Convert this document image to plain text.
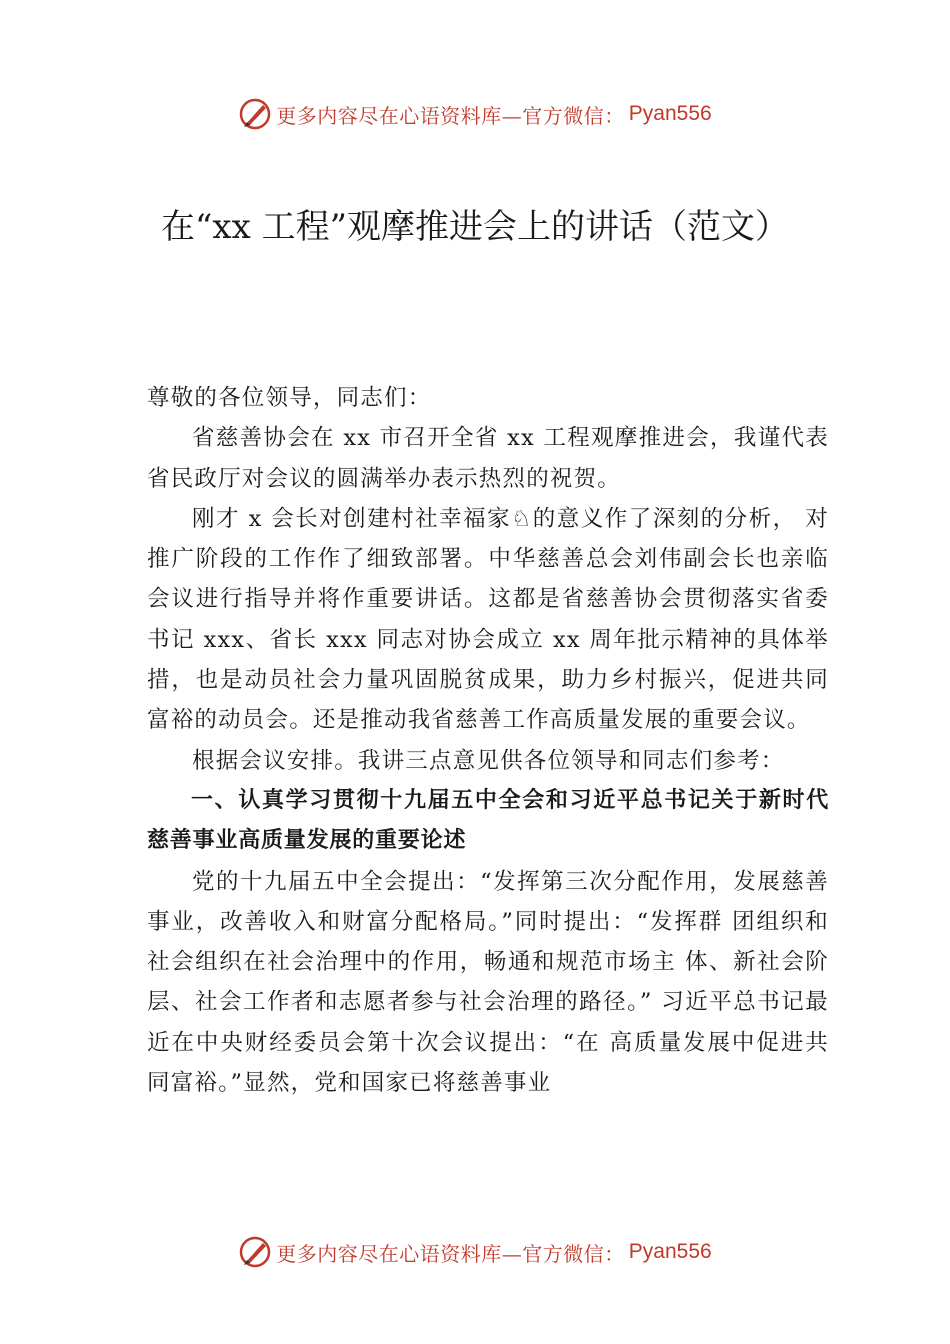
更多内容尽在心语资料库—官方微信： Pyan556
在“xx 工程”观摩推进会上的讲话（范文）

尊敬的各位领导，同志们：

省慈善协会在 xx 市召开全省 xx 工程观摩推进会，我谨代表省民政厅对会议的圆满举办表示热烈的祝贺。

刚才 x 会长对创建村社幸福家♘的意义作了深刻的分析， 对推广阶段的工作作了细致部署。中华慈善总会刘伟副会长也亲临会议进行指导并将作重要讲话。这都是省慈善协会贯彻落实省委书记 xxx、省长 xxx 同志对协会成立 xx 周年批示精神的具体举措，也是动员社会力量巩固脱贫成果，助力乡村振兴，促进共同富裕的动员会。还是推动我省慈善工作高质量发展的重要会议。

根据会议安排。我讲三点意见供各位领导和同志们参考：

一、认真学习贯彻十九届五中全会和习近平总书记关于新时代慈善事业高质量发展的重要论述

党的十九届五中全会提出：“发挥第三次分配作用，发展慈善事业，改善收入和财富分配格局。”同时提出：“发挥群 团组织和社会组织在社会治理中的作用，畅通和规范市场主 体、新社会阶层、社会工作者和志愿者参与社会治理的路径。” 习近平总书记最近在中央财经委员会第十次会议提出：“在 高质量发展中促进共同富裕。”显然，党和国家已将慈善事业

更多内容尽在心语资料库—官方微信： Pyan556
